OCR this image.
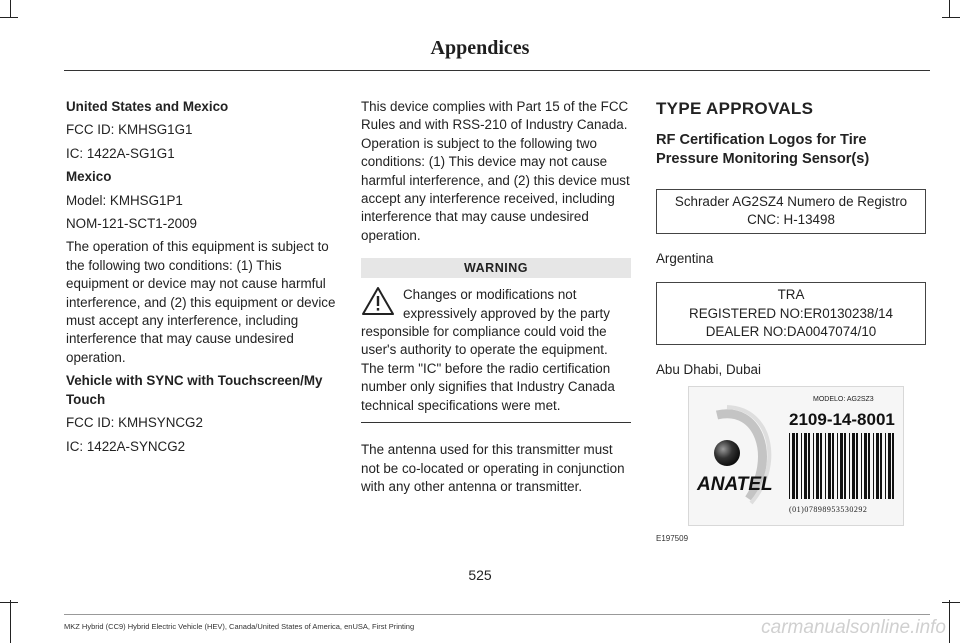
Appendices

United States and Mexico

FCC ID: KMHSG1G1

IC: 1422A-SG1G1

Mexico

Model: KMHSG1P1

NOM-121-SCT1-2009

The operation of this equipment is subject to the following two conditions: (1) This equipment or device may not cause harmful interference, and (2) this equipment or device must accept any interference, including interference that may cause undesired operation.

Vehicle with SYNC with Touchscreen/My Touch

FCC ID: KMHSYNCG2

IC: 1422A-SYNCG2

This device complies with Part 15 of the FCC Rules and with RSS-210 of Industry Canada. Operation is subject to the following two conditions: (1) This device may not cause harmful interference, and (2) this device must accept any interference received, including interference that may cause undesired operation.

WARNING
Changes or modifications not expressively approved by the party responsible for compliance could void the user's authority to operate the equipment. The term "IC" before the radio certification number only signifies that Industry Canada technical specifications were met.

The antenna used for this transmitter must not be co-located or operating in conjunction with any other antenna or transmitter.

TYPE APPROVALS
RF Certification Logos for Tire Pressure Monitoring Sensor(s)
Schrader AG2SZ4 Numero de Registro
CNC: H-13498

Argentina

TRA
REGISTERED NO:ER0130238/14
DEALER NO:DA0047074/10

Abu Dhabi, Dubai

ANATEL
MODELO: AG2SZ3
2109-14-8001
(01)07898953530292
E197509
525
MKZ Hybrid (CC9) Hybrid Electric Vehicle (HEV), Canada/United States of America, enUSA, First Printing	carmanualsonline.info
